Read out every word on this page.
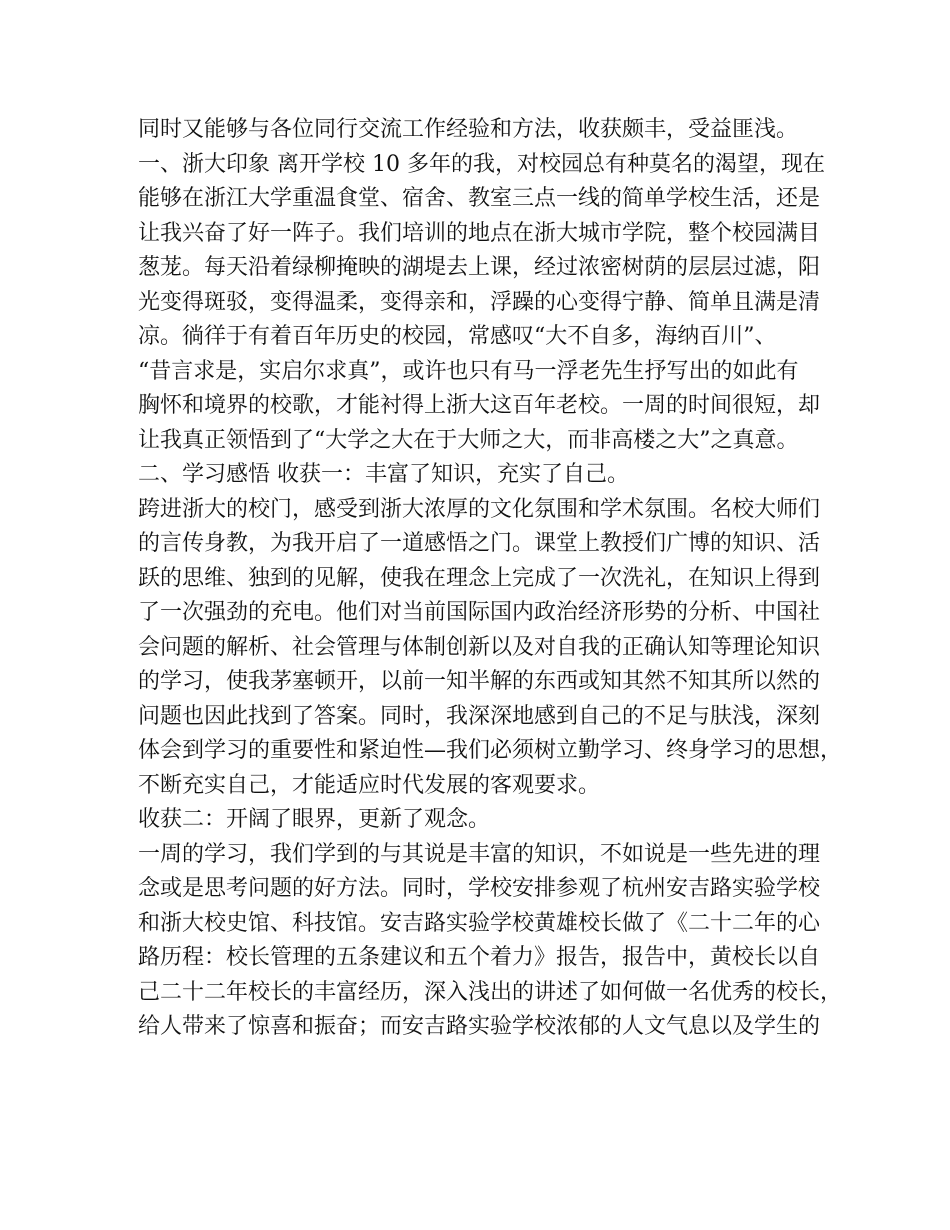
同时又能够与各位同行交流工作经验和方法，收获颇丰，受益匪浅。
一、浙大印象 离开学校 10 多年的我，对校园总有种莫名的渴望，现在
能够在浙江大学重温食堂、宿舍、教室三点一线的简单学校生活，还是
让我兴奋了好一阵子。我们培训的地点在浙大城市学院，整个校园满目
葱茏。每天沿着绿柳掩映的湖堤去上课，经过浓密树荫的层层过滤，阳
光变得斑驳，变得温柔，变得亲和，浮躁的心变得宁静、简单且满是清
凉。徜徉于有着百年历史的校园，常感叹“大不自多，海纳百川”、
“昔言求是，实启尔求真”，或许也只有马一浮老先生抒写出的如此有
胸怀和境界的校歌，才能衬得上浙大这百年老校。一周的时间很短，却
让我真正领悟到了“大学之大在于大师之大，而非高楼之大”之真意。
二、学习感悟 收获一：丰富了知识，充实了自己。
跨进浙大的校门，感受到浙大浓厚的文化氛围和学术氛围。名校大师们
的言传身教，为我开启了一道感悟之门。课堂上教授们广博的知识、活
跃的思维、独到的见解，使我在理念上完成了一次洗礼，在知识上得到
了一次强劲的充电。他们对当前国际国内政治经济形势的分析、中国社
会问题的解析、社会管理与体制创新以及对自我的正确认知等理论知识
的学习，使我茅塞顿开，以前一知半解的东西或知其然不知其所以然的
问题也因此找到了答案。同时，我深深地感到自己的不足与肤浅，深刻
体会到学习的重要性和紧迫性—我们必须树立勤学习、终身学习的思想，
不断充实自己，才能适应时代发展的客观要求。
收获二：开阔了眼界，更新了观念。
一周的学习，我们学到的与其说是丰富的知识，不如说是一些先进的理
念或是思考问题的好方法。同时，学校安排参观了杭州安吉路实验学校
和浙大校史馆、科技馆。安吉路实验学校黄雄校长做了《二十二年的心
路历程：校长管理的五条建议和五个着力》报告，报告中，黄校长以自
己二十二年校长的丰富经历，深入浅出的讲述了如何做一名优秀的校长，
给人带来了惊喜和振奋；而安吉路实验学校浓郁的人文气息以及学生的
